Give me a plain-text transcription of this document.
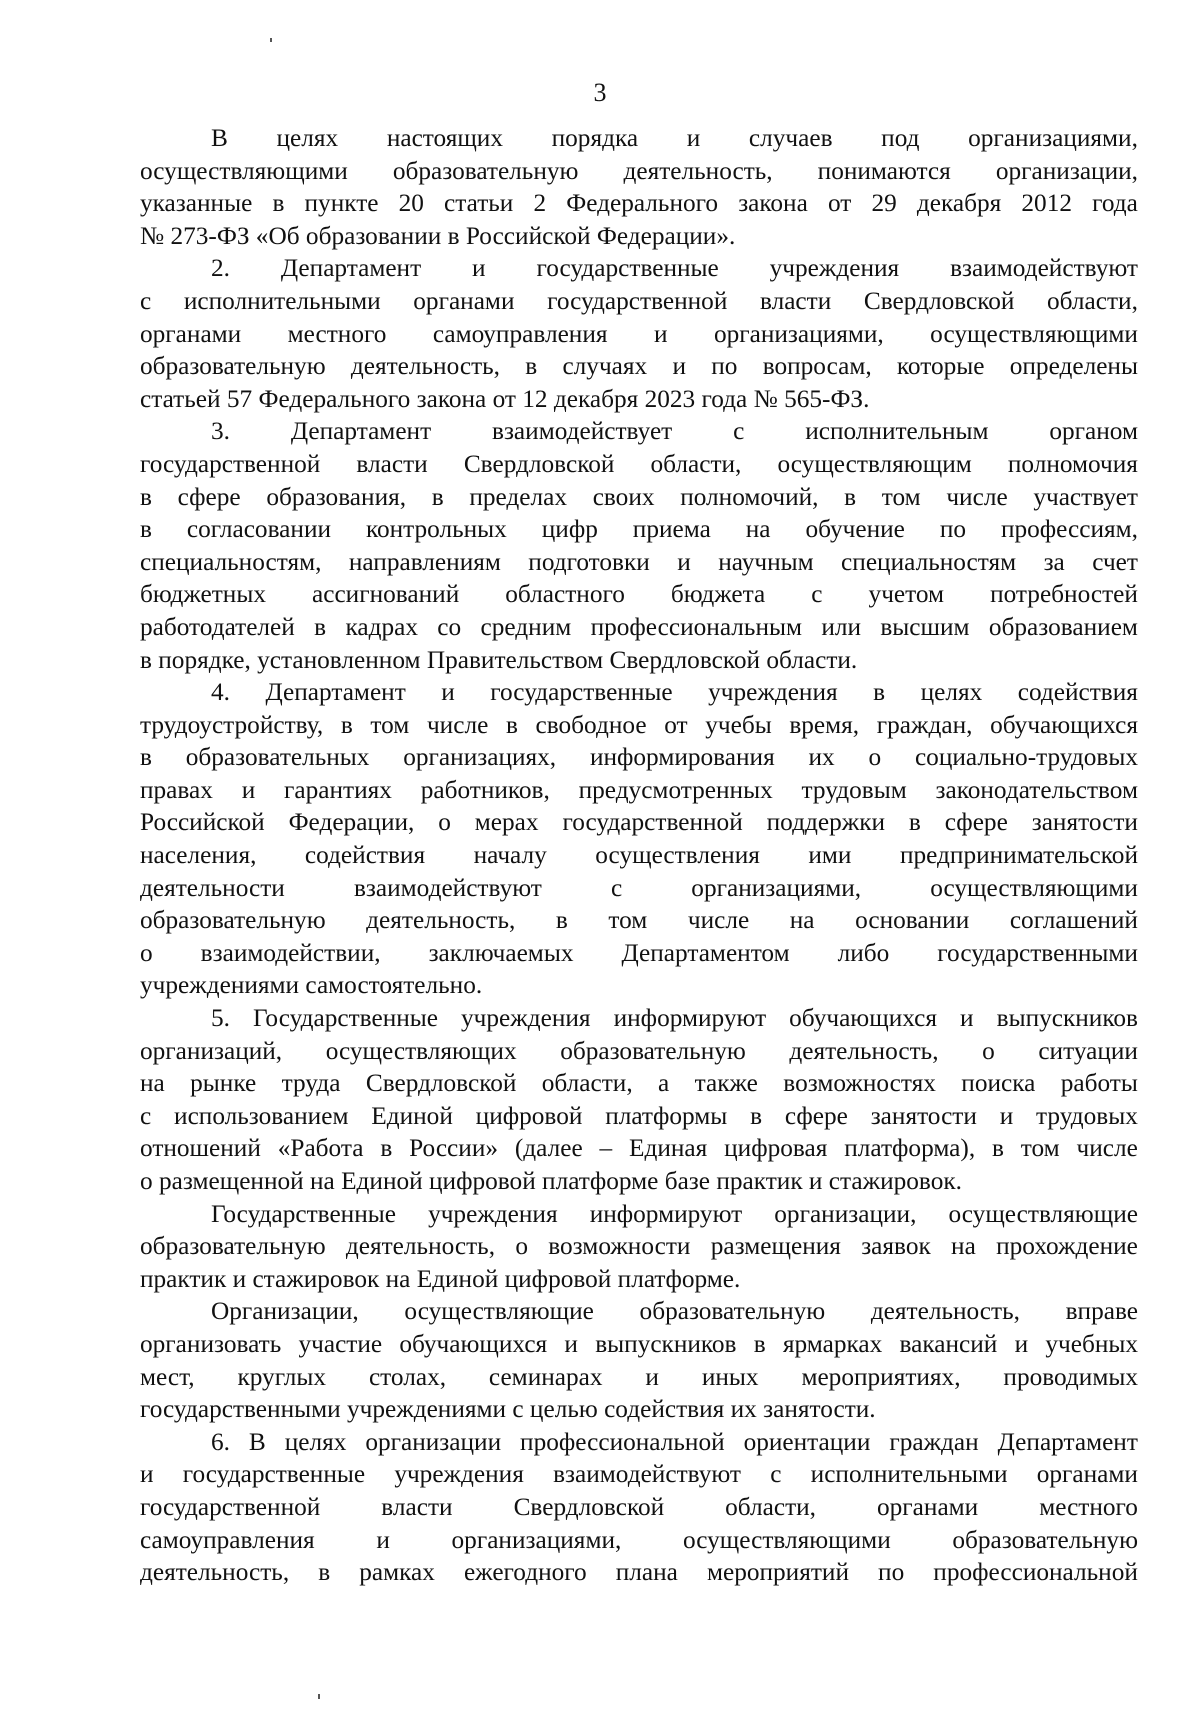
3
В целях настоящих порядка и случаев под организациями,
осуществляющими образовательную деятельность, понимаются организации,
указанные в пункте 20 статьи 2 Федерального закона от 29 декабря 2012 года
№ 273-ФЗ «Об образовании в Российской Федерации».
2. Департамент и государственные учреждения взаимодействуют
с исполнительными органами государственной власти Свердловской области,
органами местного самоуправления и организациями, осуществляющими
образовательную деятельность, в случаях и по вопросам, которые определены
статьей 57 Федерального закона от 12 декабря 2023 года № 565-ФЗ.
3. Департамент взаимодействует с исполнительным органом
государственной власти Свердловской области, осуществляющим полномочия
в сфере образования, в пределах своих полномочий, в том числе участвует
в согласовании контрольных цифр приема на обучение по профессиям,
специальностям, направлениям подготовки и научным специальностям за счет
бюджетных ассигнований областного бюджета с учетом потребностей
работодателей в кадрах со средним профессиональным или высшим образованием
в порядке, установленном Правительством Свердловской области.
4. Департамент и государственные учреждения в целях содействия
трудоустройству, в том числе в свободное от учебы время, граждан, обучающихся
в образовательных организациях, информирования их о социально-трудовых
правах и гарантиях работников, предусмотренных трудовым законодательством
Российской Федерации, о мерах государственной поддержки в сфере занятости
населения, содействия началу осуществления ими предпринимательской
деятельности	взаимодействуют	с	организациями,	осуществляющими
образовательную деятельность, в том числе на основании соглашений
о взаимодействии, заключаемых Департаментом либо государственными
учреждениями самостоятельно.
5. Государственные учреждения информируют обучающихся и выпускников
организаций, осуществляющих образовательную деятельность, о ситуации
на рынке труда Свердловской области, а также возможностях поиска работы
с использованием Единой цифровой платформы в сфере занятости и трудовых
отношений «Работа в России» (далее – Единая цифровая платформа), в том числе
о размещенной на Единой цифровой платформе базе практик и стажировок.
Государственные учреждения информируют организации, осуществляющие
образовательную деятельность, о возможности размещения заявок на прохождение
практик и стажировок на Единой цифровой платформе.
Организации, осуществляющие образовательную деятельность, вправе
организовать участие обучающихся и выпускников в ярмарках вакансий и учебных
мест, круглых столах, семинарах и иных мероприятиях, проводимых
государственными учреждениями с целью содействия их занятости.
6. В целях организации профессиональной ориентации граждан Департамент
и государственные учреждения взаимодействуют с исполнительными органами
государственной власти Свердловской области, органами местного
самоуправления и организациями, осуществляющими образовательную
деятельность, в рамках ежегодного плана мероприятий по профессиональной
